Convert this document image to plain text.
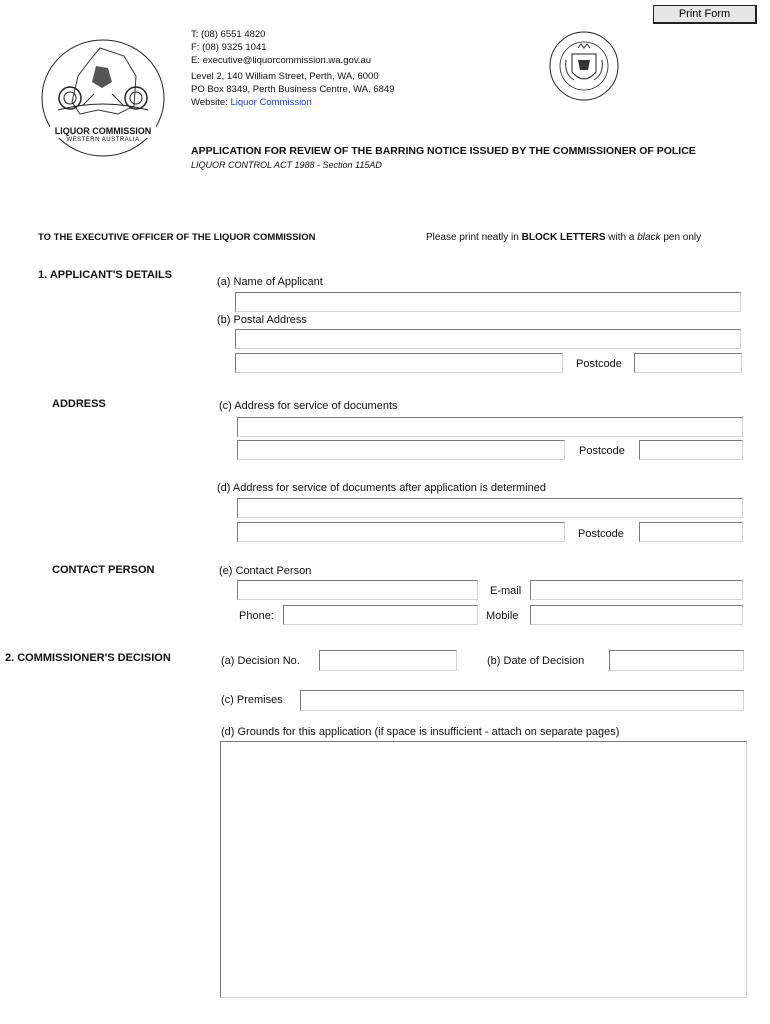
Print Form
LIQUOR COMMISSION
WESTERN AUSTRALIA
T: (08) 6551 4820
F: (08) 9325 1041
E: executive@liquorcommission.wa.gov.au
Level 2, 140 William Street, Perth, WA, 6000
PO Box 8349, Perth Business Centre, WA, 6849
Website: Liquor Commission
APPLICATION FOR REVIEW OF THE BARRING NOTICE ISSUED BY THE COMMISSIONER OF POLICE
LIQUOR CONTROL ACT 1988 - Section 115AD
TO THE EXECUTIVE OFFICER OF THE LIQUOR COMMISSION	Please print neatly in BLOCK LETTERS with a black pen only
1. APPLICANT'S DETAILS
(a) Name of Applicant
(b) Postal Address
Postcode
ADDRESS	(c) Address for service of documents
Postcode
(d) Address for service of documents after application is determined
Postcode
CONTACT PERSON	(e) Contact Person
E-mail
Phone:	Mobile
2. COMMISSIONER'S DECISION	(a) Decision No.	(b) Date of Decision
(c) Premises
(d) Grounds for this application (if space is insufficient - attach on separate pages)
